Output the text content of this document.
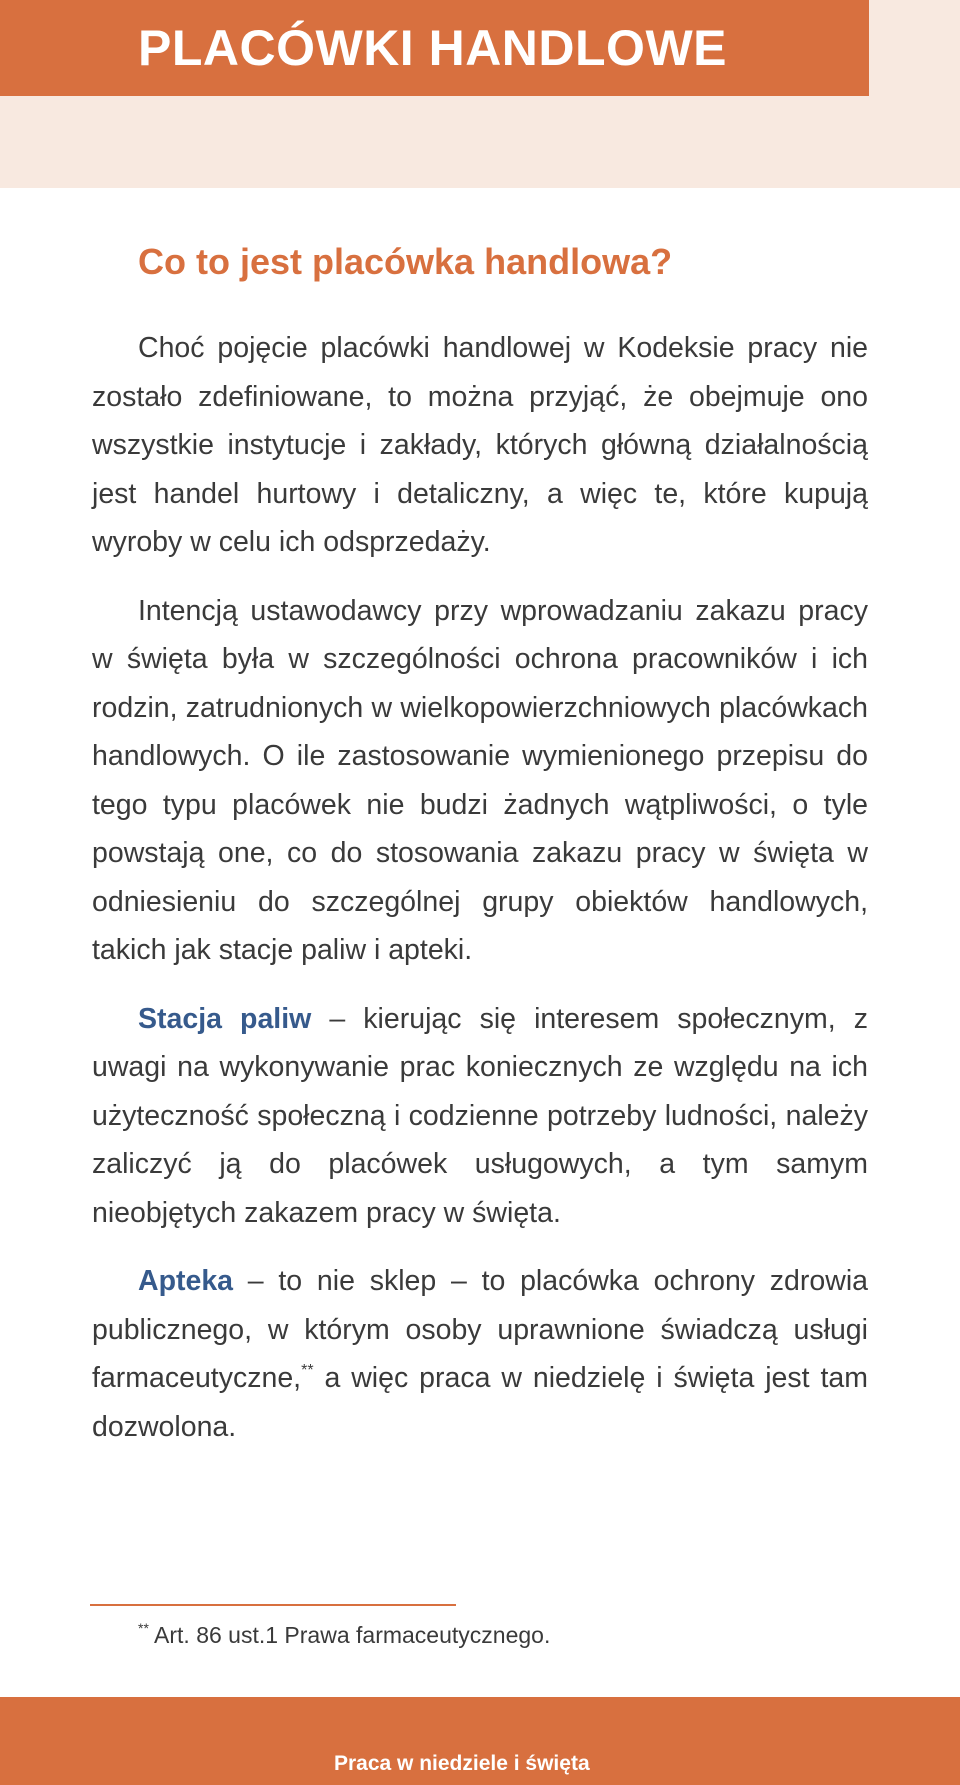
PLACÓWKI HANDLOWE
Co to jest placówka handlowa?

Choć pojęcie placówki handlowej w Kodeksie pracy nie zostało zdefiniowane, to można przyjąć, że obejmuje ono wszystkie instytucje i zakłady, których główną działalnością jest handel hurtowy i detaliczny, a więc te, które kupują wyroby w celu ich odsprzedaży.

Intencją ustawodawcy przy wprowadzaniu zakazu pracy w święta była w szczególności ochrona pracowników i ich rodzin, zatrudnionych w wielkopowierzchniowych placówkach handlowych. O ile zastosowanie wymienionego przepisu do tego typu placówek nie budzi żadnych wątpliwości, o tyle powstają one, co do stosowania zakazu pracy w święta w odniesieniu do szczególnej grupy obiektów handlowych, takich jak stacje paliw i apteki.

Stacja paliw – kierując się interesem społecznym, z uwagi na wykonywanie prac koniecznych ze względu na ich użyteczność społeczną i codzienne potrzeby ludności, należy zaliczyć ją do placówek usługowych, a tym samym nieobjętych zakazem pracy w święta.

Apteka – to nie sklep – to placówka ochrony zdrowia publicznego, w którym osoby uprawnione świadczą usługi farmaceutyczne,** a więc praca w niedzielę i święta jest tam dozwolona.

** Art. 86 ust.1 Prawa farmaceutycznego.
Praca w niedziele i święta
